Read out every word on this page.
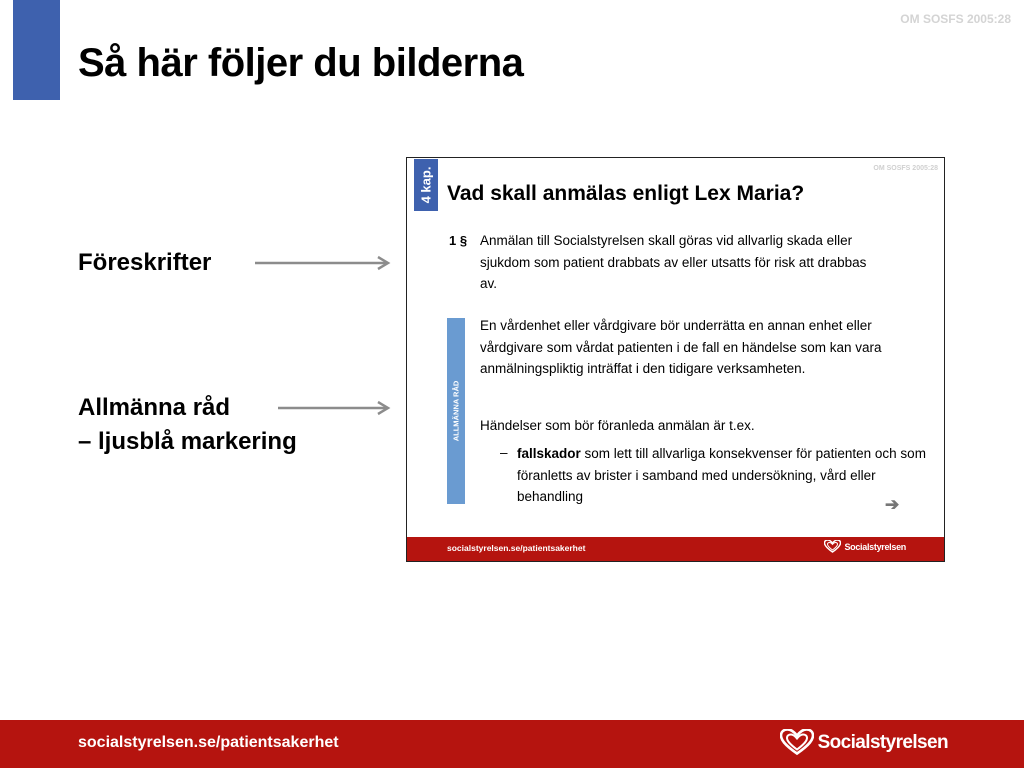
OM SOSFS 2005:28
Så här följer du bilderna
Föreskrifter
Allmänna råd
– ljusblå markering
4 kap.	OM SOSFS 2005:28
Vad skall anmälas enligt Lex Maria?
1 § Anmälan till Socialstyrelsen skall göras vid allvarlig skada eller sjukdom som patient drabbats av eller utsatts för risk att drabbas av.

ALLMÄNNA RÅD

En vårdenhet eller vårdgivare bör underrätta en annan enhet eller vårdgivare som vårdat patienten i de fall en händelse som kan vara anmälningspliktig inträffat i den tidigare verksamheten.

Händelser som bör föranleda anmälan är t.ex.

– fallskador som lett till allvarliga konsekvenser för patienten och som föranletts av brister i samband med undersökning, vård eller behandling	➔
socialstyrelsen.se/patientsakerhet	Socialstyrelsen
socialstyrelsen.se/patientsakerhet	Socialstyrelsen
